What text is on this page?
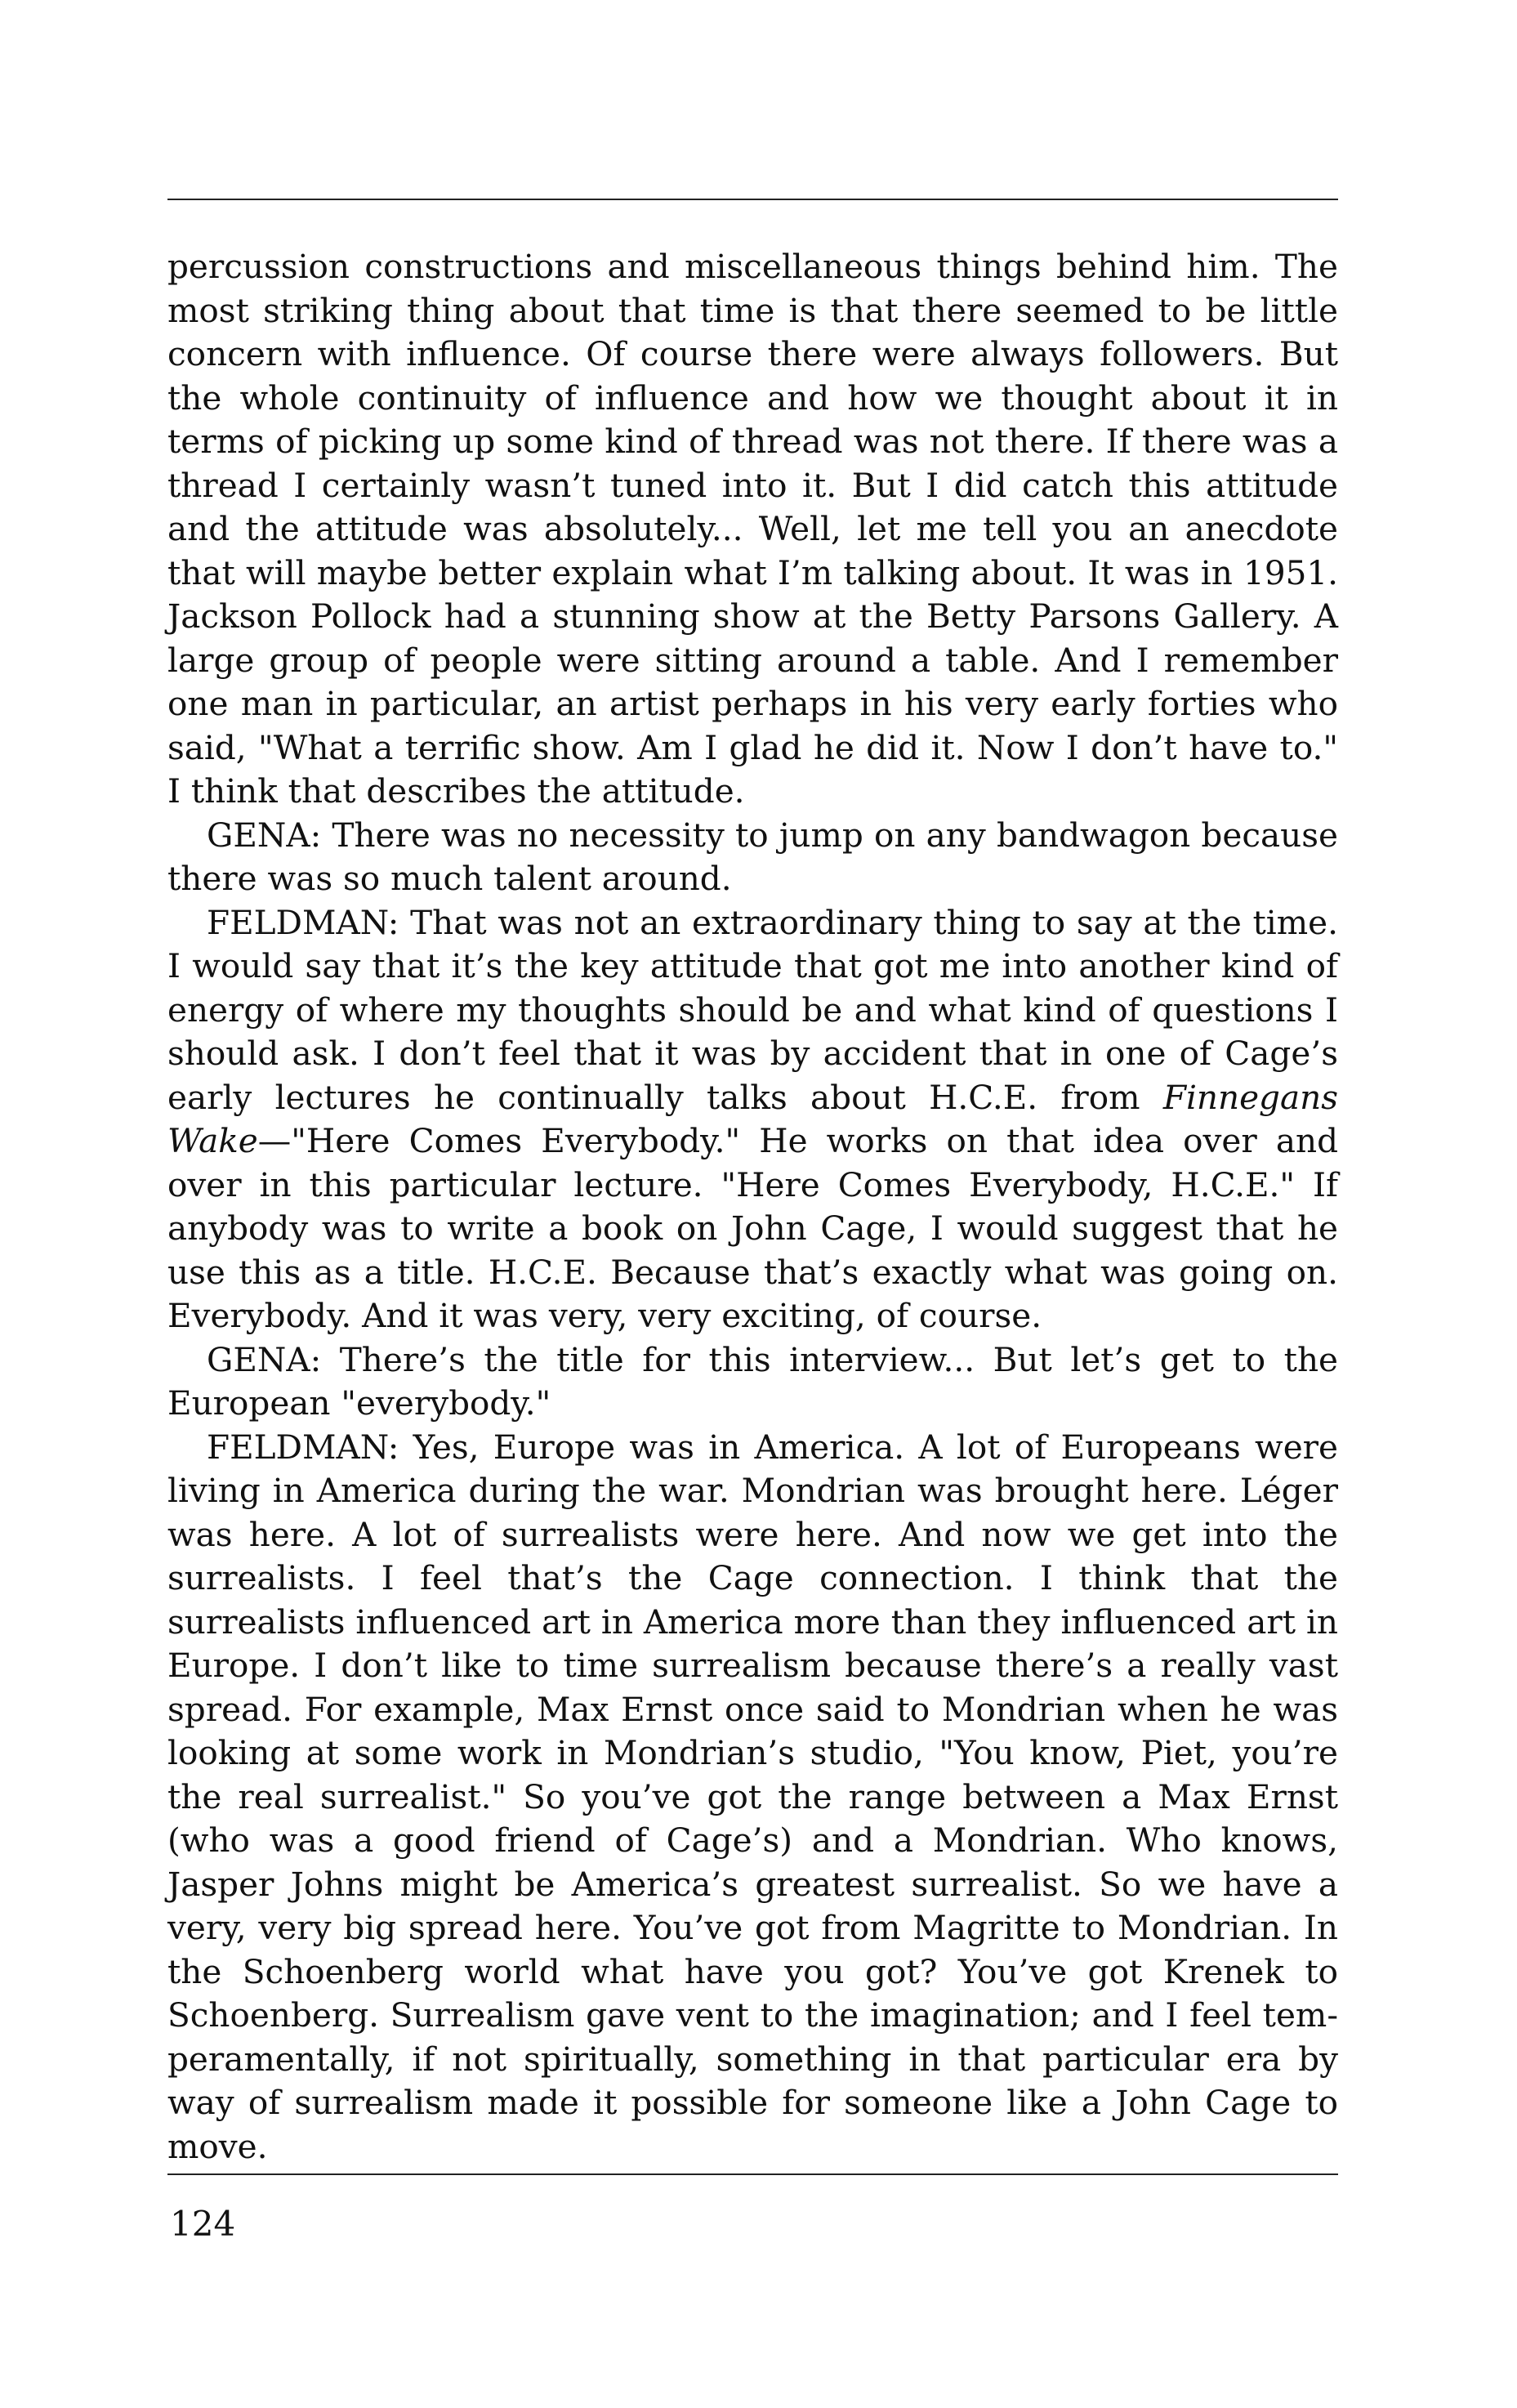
percussion constructions and miscellaneous things behind him. The most striking thing about that time is that there seemed to be little concern with influence. Of course there were always followers. But the whole continuity of influence and how we thought about it in terms of picking up some kind of thread was not there. If there was a thread I certainly wasn’t tuned into it. But I did catch this attitude and the attitude was absolutely... Well, let me tell you an anecdote that will maybe better explain what I’m talking about. It was in 1951. Jackson Pollock had a stunning show at the Betty Parsons Gallery. A large group of people were sitting around a table. And I remember one man in particular, an artist perhaps in his very early forties who said, "What a terrific show. Am I glad he did it. Now I don’t have to." I think that describes the attitude.

GENA: There was no necessity to jump on any bandwagon because there was so much talent around.

FELDMAN: That was not an extraordinary thing to say at the time. I would say that it’s the key attitude that got me into another kind of energy of where my thoughts should be and what kind of questions I should ask. I don’t feel that it was by accident that in one of Cage’s early lectures he continually talks about H.C.E. from Finnegans Wake—"Here Comes Everybody." He works on that idea over and over in this particular lecture. "Here Comes Everybody, H.C.E." If anybody was to write a book on John Cage, I would suggest that he use this as a title. H.C.E. Because that’s exactly what was going on. Everybody. And it was very, very exciting, of course.

GENA: There’s the title for this interview... But let’s get to the European "everybody."

FELDMAN: Yes, Europe was in America. A lot of Europeans were living in America during the war. Mondrian was brought here. Léger was here. A lot of surrealists were here. And now we get into the surrealists. I feel that’s the Cage connection. I think that the surrealists influenced art in America more than they influenced art in Europe. I don’t like to time surrealism because there’s a really vast spread. For example, Max Ernst once said to Mondrian when he was looking at some work in Mondrian’s studio, "You know, Piet, you’re the real surrealist." So you’ve got the range between a Max Ernst (who was a good friend of Cage’s) and a Mondrian. Who knows, Jasper Johns might be America’s greatest surrealist. So we have a very, very big spread here. You’ve got from Magritte to Mondrian. In the Schoenberg world what have you got? You’ve got Krenek to Schoenberg. Surrealism gave vent to the imagination; and I feel temperamentally, if not spiritually, something in that particular era by way of surrealism made it possible for someone like a John Cage to move.

124
